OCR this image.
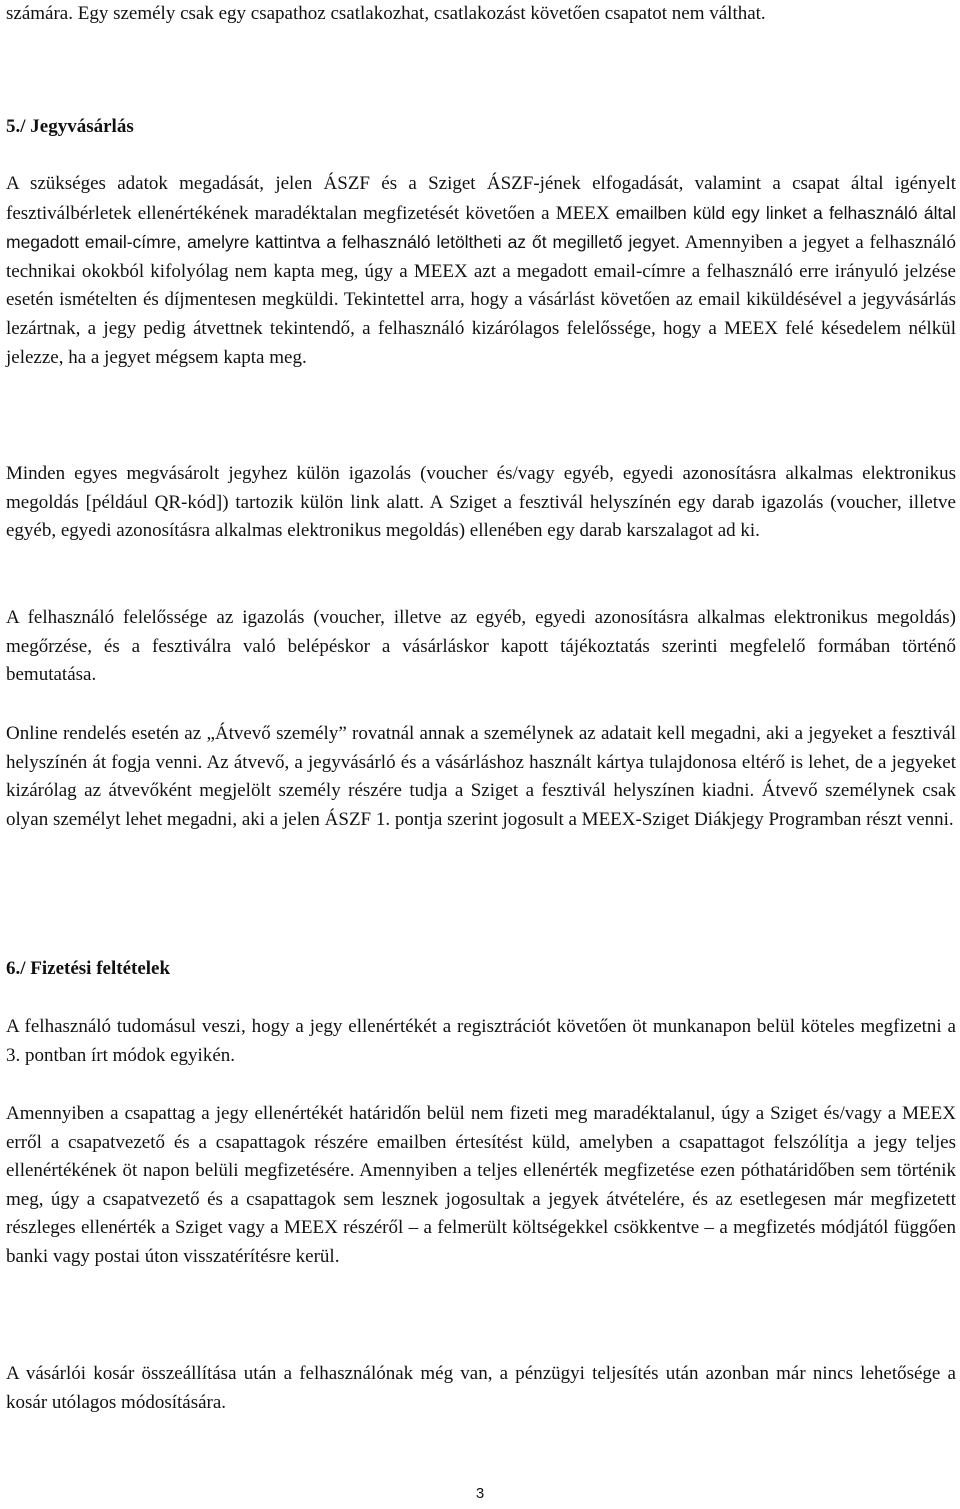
számára. Egy személy csak egy csapathoz csatlakozhat, csatlakozást követően csapatot nem válthat.

5./ Jegyvásárlás

A szükséges adatok megadását, jelen ÁSZF és a Sziget ÁSZF-jének elfogadását, valamint a csapat által igényelt fesztiválbérletek ellenértékének maradéktalan megfizetését követően a MEEX emailben küld egy linket a felhasználó által megadott email-címre, amelyre kattintva a felhasználó letöltheti az őt megillető jegyet. Amennyiben a jegyet a felhasználó technikai okokból kifolyólag nem kapta meg, úgy a MEEX azt a megadott email-címre a felhasználó erre irányuló jelzése esetén ismételten és díjmentesen megküldi. Tekintettel arra, hogy a vásárlást követően az email kiküldésével a jegyvásárlás lezártnak, a jegy pedig átvettnek tekintendő, a felhasználó kizárólagos felelőssége, hogy a MEEX felé késedelem nélkül jelezze, ha a jegyet mégsem kapta meg.

Minden egyes megvásárolt jegyhez külön igazolás (voucher és/vagy egyéb, egyedi azonosításra alkalmas elektronikus megoldás [például QR-kód]) tartozik külön link alatt. A Sziget a fesztivál helyszínén egy darab igazolás (voucher, illetve egyéb, egyedi azonosításra alkalmas elektronikus megoldás) ellenében egy darab karszalagot ad ki.

A felhasználó felelőssége az igazolás (voucher, illetve az egyéb, egyedi azonosításra alkalmas elektronikus megoldás) megőrzése, és a fesztiválra való belépéskor a vásárláskor kapott tájékoztatás szerinti megfelelő formában történő bemutatása.

Online rendelés esetén az „Átvevő személy” rovatnál annak a személynek az adatait kell megadni, aki a jegyeket a fesztivál helyszínén át fogja venni. Az átvevő, a jegyvásárló és a vásárláshoz használt kártya tulajdonosa eltérő is lehet, de a jegyeket kizárólag az átvevőként megjelölt személy részére tudja a Sziget a fesztivál helyszínen kiadni. Átvevő személynek csak olyan személyt lehet megadni, aki a jelen ÁSZF 1. pontja szerint jogosult a MEEX-Sziget Diákjegy Programban részt venni.

6./ Fizetési feltételek

A felhasználó tudomásul veszi, hogy a jegy ellenértékét a regisztrációt követően öt munkanapon belül köteles megfizetni a 3. pontban írt módok egyikén.

Amennyiben a csapattag a jegy ellenértékét határidőn belül nem fizeti meg maradéktalanul, úgy a Sziget és/vagy a MEEX erről a csapatvezető és a csapattagok részére emailben értesítést küld, amelyben a csapattagot felszólítja a jegy teljes ellenértékének öt napon belüli megfizetésére. Amennyiben a teljes ellenérték megfizetése ezen póthatáridőben sem történik meg, úgy a csapatvezető és a csapattagok sem lesznek jogosultak a jegyek átvételére, és az esetlegesen már megfizetett részleges ellenérték a Sziget vagy a MEEX részéről – a felmerült költségekkel csökkentve – a megfizetés módjától függően banki vagy postai úton visszatérítésre kerül.

A vásárlói kosár összeállítása után a felhasználónak még van, a pénzügyi teljesítés után azonban már nincs lehetősége a kosár utólagos módosítására.

3
